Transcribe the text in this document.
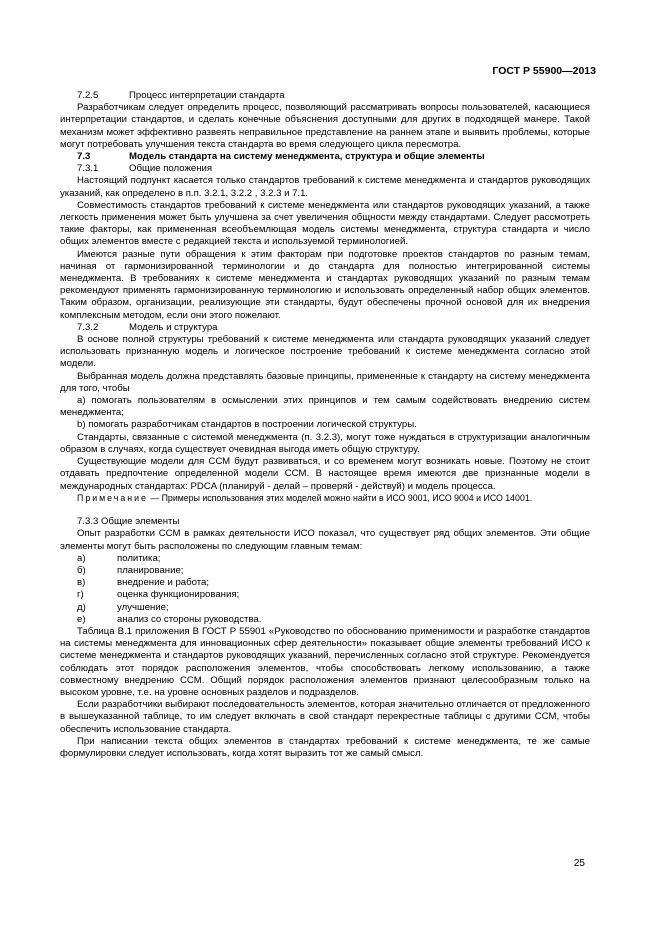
ГОСТ Р 55900—2013

7.2.5	Процесс интерпретации стандарта

Разработчикам следует определить процесс, позволяющий рассматривать вопросы пользователей, касающиеся интерпретации стандартов, и сделать конечные объяснения доступными для других в подходящей манере. Такой механизм может эффективно развеять неправильное представление на раннем этапе и выявить проблемы, которые могут потребовать улучшения текста стандарта во время следующего цикла пересмотра.

7.3	Модель стандарта на систему менеджмента, структура и общие элементы

7.3.1	Общие положения

Настоящий подпункт касается только стандартов требований к системе менеджмента и стандартов руководящих указаний, как определено в п.п. 3.2.1, 3.2.2 , 3.2.3 и 7.1.

Совместимость стандартов требований к системе менеджмента или стандартов руководящих указаний, а также легкость применения может быть улучшена за счет увеличения общности между стандартами. Следует рассмотреть такие факторы, как примененная всеобъемлющая модель системы менеджмента, структура стандарта и число общих элементов вместе с редакцией текста и используемой терминологией.

Имеются разные пути обращения к этим факторам при подготовке проектов стандартов по разным темам, начиная от гармонизированной терминологии и до стандарта для полностью интегрированной системы менеджмента. В требованиях к системе менеджмента и стандартах руководящих указаний по разным темам рекомендуют применять гармонизированную терминологию и использовать определенный набор общих элементов. Таким образом, организации, реализующие эти стандарты, будут обеспечены прочной основой для их внедрения комплексным методом, если они этого пожелают.

7.3.2	Модель и структура

В основе полной структуры требований к системе менеджмента или стандарта руководящих указаний следует использовать признанную модель и логическое построение требований к системе менеджмента согласно этой модели.

Выбранная модель должна представлять базовые принципы, примененные к стандарту на систему менеджмента для того, чтобы

a) помогать пользователям в осмыслении этих принципов и тем самым содействовать внедрению систем менеджмента;

b) помогать разработчикам стандартов в построении логической структуры.

Стандарты, связанные с системой менеджмента (п. 3.2.3), могут тоже нуждаться в структуризации аналогичным образом в случаях, когда существует очевидная выгода иметь общую структуру.

Существующие модели для ССМ будут развиваться, и со временем могут возникать новые. Поэтому не стоит отдавать предпочтение определенной модели ССМ. В настоящее время имеются две признанные модели в международных стандартах: PDCA (планируй - делай – проверяй - действуй) и модель процесса.

Примечание — Примеры использования этих моделей можно найти в ИСО 9001, ИСО 9004 и ИСО 14001.

7.3.3 Общие элементы

Опыт разработки ССМ в рамках деятельности ИСО показал, что существует ряд общих элементов. Эти общие элементы могут быть расположены по следующим главным темам:

а)	политика;

б)	планирование;

в)	внедрение и работа;

г)	оценка функционирования;

д)	улучшение;

е)	анализ со стороны руководства.

Таблица В.1 приложения В ГОСТ Р 55901 «Руководство по обоснованию применимости и разработке стандартов на системы менеджмента для инновационных сфер деятельности» показывает общие элементы требований ИСО к системе менеджмента и стандартов руководящих указаний, перечисленных согласно этой структуре. Рекомендуется соблюдать этот порядок расположения элементов, чтобы способствовать легкому использованию, а также совместному внедрению ССМ. Общий порядок расположения элементов признают целесообразным только на высоком уровне, т.е. на уровне основных разделов и подразделов.

Если разработчики выбирают последовательность элементов, которая значительно отличается от предложенного в вышеуказанной таблице, то им следует включать в свой стандарт перекрестные таблицы с другими ССМ, чтобы обеспечить использование стандарта.

При написании текста общих элементов в стандартах требований к системе менеджмента, те же самые формулировки следует использовать, когда хотят выразить тот же самый смысл.

25
